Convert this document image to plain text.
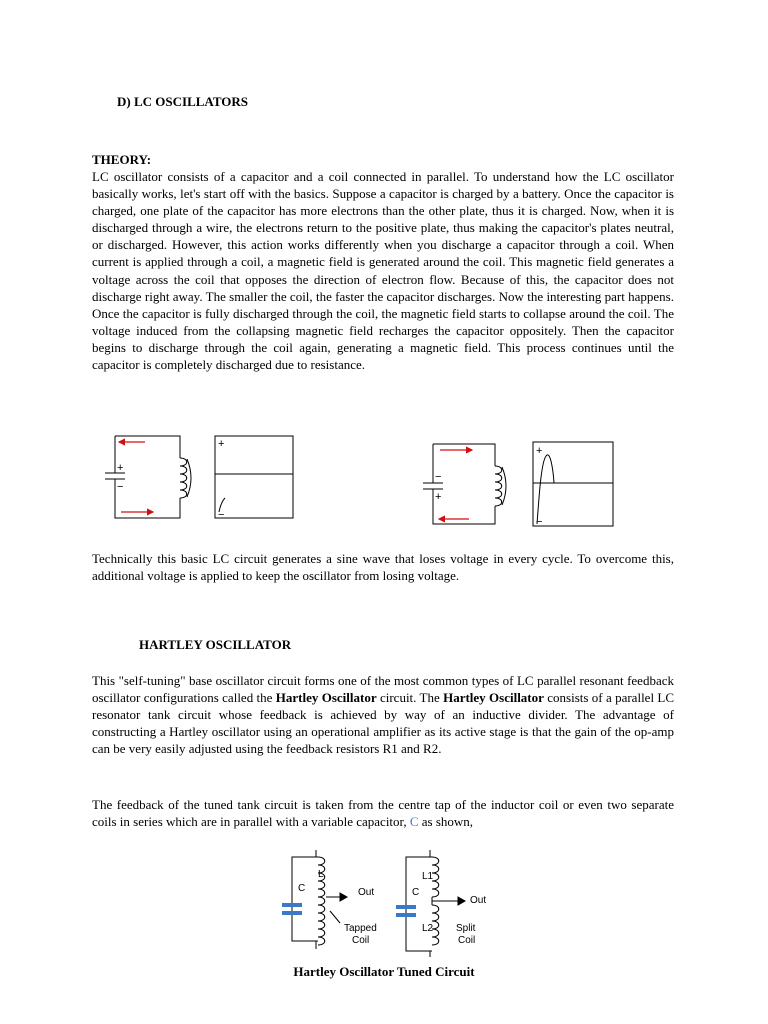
D) LC OSCILLATORS
THEORY:

LC oscillator consists of a capacitor and a coil connected in parallel. To understand how the LC oscillator basically works, let's start off with the basics. Suppose a capacitor is charged by a battery. Once the capacitor is charged, one plate of the capacitor has more electrons than the other plate, thus it is charged. Now, when it is discharged through a wire, the electrons return to the positive plate, thus making the capacitor's plates neutral, or discharged. However, this action works differently when you discharge a capacitor through a coil. When current is applied through a coil, a magnetic field is generated around the coil. This magnetic field generates a voltage across the coil that opposes the direction of electron flow. Because of this, the capacitor does not discharge right away. The smaller the coil, the faster the capacitor discharges. Now the interesting part happens. Once the capacitor is fully discharged through the coil, the magnetic field starts to collapse around the coil. The voltage induced from the collapsing magnetic field recharges the capacitor oppositely. Then the capacitor begins to discharge through the coil again, generating a magnetic field. This process continues until the capacitor is completely discharged due to resistance.

+
−
+
−
−
+
+
−

Technically this basic LC circuit generates a sine wave that loses voltage in every cycle. To overcome this, additional voltage is applied to keep the oscillator from losing voltage.

HARTLEY OSCILLATOR

This "self-tuning" base oscillator circuit forms one of the most common types of LC parallel resonant feedback oscillator configurations called the Hartley Oscillator circuit. The Hartley Oscillator consists of a parallel LC resonator tank circuit whose feedback is achieved by way of an inductive divider. The advantage of constructing a Hartley oscillator using an operational amplifier as its active stage is that the gain of the op-amp can be very easily adjusted using the feedback resistors R1 and R2.

The feedback of the tuned tank circuit is taken from the centre tap of the inductor coil or even two separate coils in series which are in parallel with a variable capacitor, C as shown,

C
L
Out
Tapped
Coil
C
L1
L2
Out
Split
Coil
Hartley Oscillator Tuned Circuit
